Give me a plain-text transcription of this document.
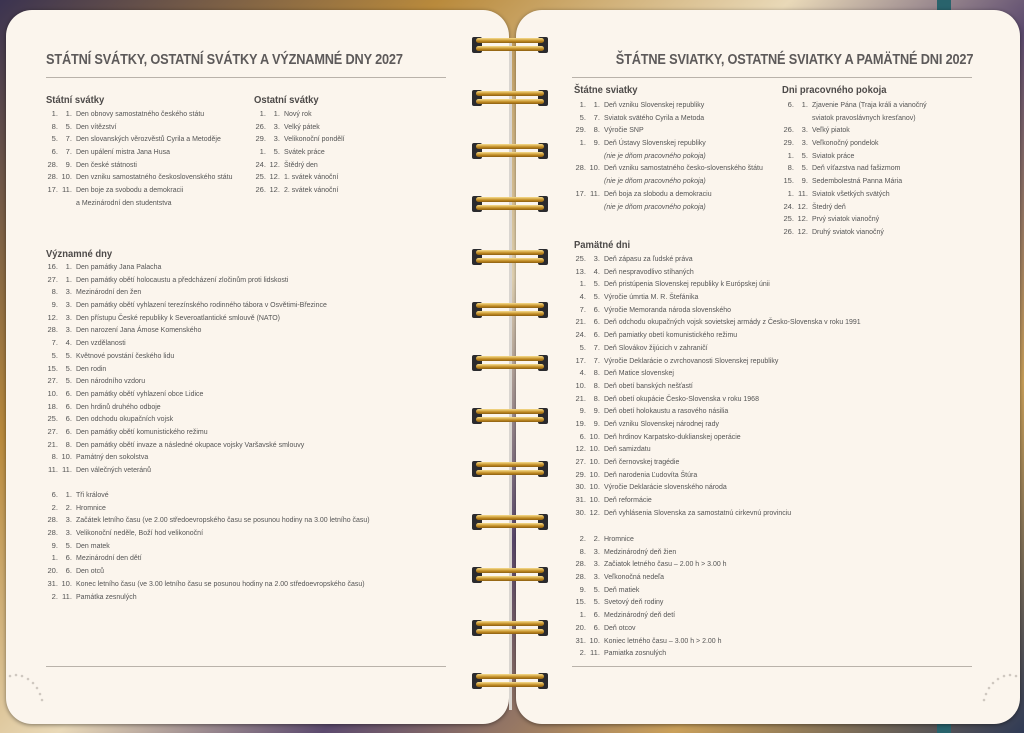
STÁTNÍ SVÁTKY, OSTATNÍ SVÁTKY A VÝZNAMNÉ DNY 2027
Státní svátky
1.	1. Den obnovy samostatného českého státu
8.	5. Den vítězství
5.	7. Den slovanských věrozvěstů Cyrila a Metoděje
6.	7. Den upálení mistra Jana Husa
28.	9. Den české státnosti
28. 10. Den vzniku samostatného československého státu
17. 11. Den boje za svobodu a demokracii
a Mezinárodní den studentstva
Ostatní svátky
1.	1. Nový rok
26.	3. Velký pátek
29.	3. Velikonoční pondělí
1.	5. Svátek práce
24. 12. Štědrý den
25. 12. 1. svátek vánoční
26. 12. 2. svátek vánoční
Významné dny
16.	1. Den památky Jana Palacha
27.	1. Den památky obětí holocaustu a předcházení zločinům proti lidskosti
8.	3. Mezinárodní den žen
9.	3. Den památky obětí vyhlazení terezínského rodinného tábora v Osvětimi-Březince
12.	3. Den přístupu České republiky k Severoatlantické smlouvě (NATO)
28.	3. Den narození Jana Ámose Komenského
7.	4. Den vzdělanosti
5.	5. Květnové povstání českého lidu
15.	5. Den rodin
27.	5. Den národního vzdoru
10.	6. Den památky obětí vyhlazení obce Lidice
18.	6. Den hrdinů druhého odboje
25.	6. Den odchodu okupačních vojsk
27.	6. Den památky obětí komunistického režimu
21.	8. Den památky obětí invaze a následné okupace vojsky Varšavské smlouvy
8. 10. Památný den sokolstva
11. 11. Den válečných veteránů
6.	1. Tři králové
2.	2. Hromnice
28.	3. Začátek letního času (ve 2.00 středoevropského času se posunou hodiny na 3.00 letního času)
28.	3. Velikonoční neděle, Boží hod velikonoční
9.	5. Den matek
1.	6. Mezinárodní den dětí
20.	6. Den otců
31. 10. Konec letního času (ve 3.00 letního času se posunou hodiny na 2.00 středoevropského času)
2. 11. Památka zesnulých
ŠTÁTNE SVIATKY, OSTATNÉ SVIATKY A PAMÄTNÉ DNI 2027
Štátne sviatky
1.	1. Deň vzniku Slovenskej republiky
5.	7. Sviatok svätého Cyrila a Metoda
29.	8. Výročie SNP
1.	9. Deň Ústavy Slovenskej republiky
(nie je dňom pracovného pokoja)
28. 10. Deň vzniku samostatného česko-slovenského štátu
(nie je dňom pracovného pokoja)
17. 11. Deň boja za slobodu a demokraciu
(nie je dňom pracovného pokoja)
Dni pracovného pokoja
6.	1. Zjavenie Pána (Traja králi a vianočný
sviatok pravoslávnych kresťanov)
26.	3. Veľký piatok
29.	3. Veľkonočný pondelok
1.	5. Sviatok práce
8.	5. Deň víťazstva nad fašizmom
15.	9. Sedembolestná Panna Mária
1. 11. Sviatok všetkých svätých
24. 12. Štedrý deň
25. 12. Prvý sviatok vianočný
26. 12. Druhý sviatok vianočný
Pamätné dni
25.	3. Deň zápasu za ľudské práva
13.	4. Deň nespravodlivo stíhaných
1.	5. Deň pristúpenia Slovenskej republiky k Európskej únii
4.	5. Výročie úmrtia M. R. Štefánika
7.	6. Výročie Memoranda národa slovenského
21.	6. Deň odchodu okupačných vojsk sovietskej armády z Česko-Slovenska v roku 1991
24.	6. Deň pamiatky obetí komunistického režimu
5.	7. Deň Slovákov žijúcich v zahraničí
17.	7. Výročie Deklarácie o zvrchovanosti Slovenskej republiky
4.	8. Deň Matice slovenskej
10.	8. Deň obetí banských nešťastí
21.	8. Deň obetí okupácie Česko-Slovenska v roku 1968
9.	9. Deň obetí holokaustu a rasového násilia
19.	9. Deň vzniku Slovenskej národnej rady
6. 10. Deň hrdinov Karpatsko-duklianskej operácie
12. 10. Deň samizdatu
27. 10. Deň černovskej tragédie
29. 10. Deň narodenia Ľudovíta Štúra
30. 10. Výročie Deklarácie slovenského národa
31. 10. Deň reformácie
30. 12. Deň vyhlásenia Slovenska za samostatnú cirkevnú provinciu
2.	2. Hromnice
8.	3. Medzinárodný deň žien
28.	3. Začiatok letného času – 2.00 h > 3.00 h
28.	3. Veľkonočná nedeľa
9.	5. Deň matiek
15.	5. Svetový deň rodiny
1.	6. Medzinárodný deň detí
20.	6. Deň otcov
31. 10. Koniec letného času – 3.00 h > 2.00 h
2. 11. Pamiatka zosnulých
